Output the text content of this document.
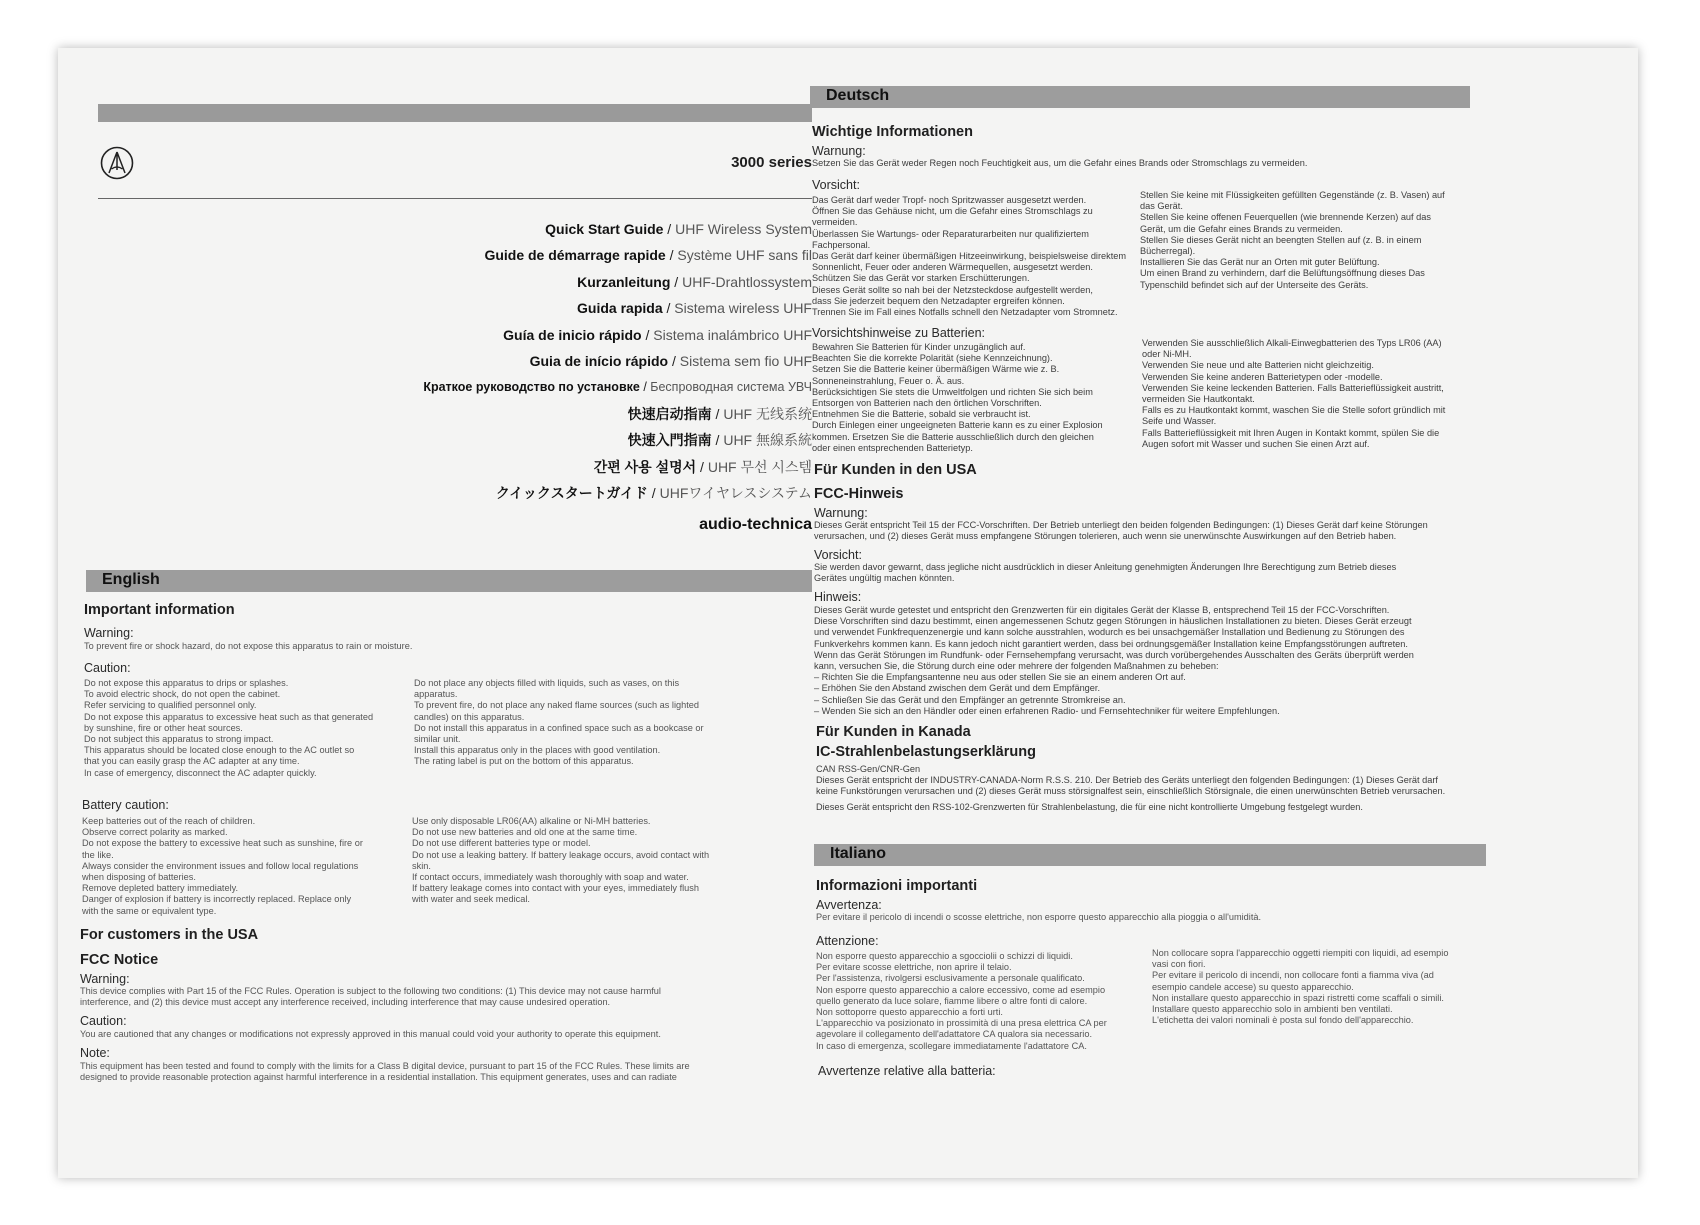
3000 series
Quick Start Guide / UHF Wireless System
Guide de démarrage rapide / Système UHF sans fil
Kurzanleitung / UHF-Drahtlossystem
Guida rapida / Sistema wireless UHF
Guía de inicio rápido / Sistema inalámbrico UHF
Guia de início rápido / Sistema sem fio UHF
Краткое руководство по установке / Беспроводная система УВЧ
快速启动指南 / UHF 无线系统
快速入門指南 / UHF 無線系統
간편 사용 설명서 / UHF 무선 시스템
クイックスタートガイド / UHFワイヤレスシステム
audio-technica
English
Important information
Warning:
To prevent fire or shock hazard, do not expose this apparatus to rain or moisture.
Caution:
Do not expose this apparatus to drips or splashes.
To avoid electric shock, do not open the cabinet.
Refer servicing to qualified personnel only.
Do not expose this apparatus to excessive heat such as that generated
by sunshine, fire or other heat sources.
Do not subject this apparatus to strong impact.
This apparatus should be located close enough to the AC outlet so
that you can easily grasp the AC adapter at any time.
In case of emergency, disconnect the AC adapter quickly.
Do not place any objects filled with liquids, such as vases, on this
apparatus.
To prevent fire, do not place any naked flame sources (such as lighted
candles) on this apparatus.
Do not install this apparatus in a confined space such as a bookcase or
similar unit.
Install this apparatus only in the places with good ventilation.
The rating label is put on the bottom of this apparatus.
Battery caution:
Keep batteries out of the reach of children.
Observe correct polarity as marked.
Do not expose the battery to excessive heat such as sunshine, fire or
the like.
Always consider the environment issues and follow local regulations
when disposing of batteries.
Remove depleted battery immediately.
Danger of explosion if battery is incorrectly replaced. Replace only
with the same or equivalent type.
Use only disposable LR06(AA) alkaline or Ni-MH batteries.
Do not use new batteries and old one at the same time.
Do not use different batteries type or model.
Do not use a leaking battery. If battery leakage occurs, avoid contact with
skin.
If contact occurs, immediately wash thoroughly with soap and water.
If battery leakage comes into contact with your eyes, immediately flush
with water and seek medical.
For customers in the USA
FCC Notice
Warning:
This device complies with Part 15 of the FCC Rules. Operation is subject to the following two conditions: (1) This device may not cause harmful
interference, and (2) this device must accept any interference received, including interference that may cause undesired operation.
Caution:
You are cautioned that any changes or modifications not expressly approved in this manual could void your authority to operate this equipment.
Note:
This equipment has been tested and found to comply with the limits for a Class B digital device, pursuant to part 15 of the FCC Rules. These limits are
designed to provide reasonable protection against harmful interference in a residential installation. This equipment generates, uses and can radiate
Deutsch
Wichtige Informationen
Warnung:
Setzen Sie das Gerät weder Regen noch Feuchtigkeit aus, um die Gefahr eines Brands oder Stromschlags zu vermeiden.
Vorsicht:
Das Gerät darf weder Tropf- noch Spritzwasser ausgesetzt werden.
Öffnen Sie das Gehäuse nicht, um die Gefahr eines Stromschlags zu
vermeiden.
Überlassen Sie Wartungs- oder Reparaturarbeiten nur qualifiziertem
Fachpersonal.
Das Gerät darf keiner übermäßigen Hitzeeinwirkung, beispielsweise direktem
Sonnenlicht, Feuer oder anderen Wärmequellen, ausgesetzt werden.
Schützen Sie das Gerät vor starken Erschütterungen.
Dieses Gerät sollte so nah bei der Netzsteckdose aufgestellt werden,
dass Sie jederzeit bequem den Netzadapter ergreifen können.
Trennen Sie im Fall eines Notfalls schnell den Netzadapter vom Stromnetz.
Stellen Sie keine mit Flüssigkeiten gefüllten Gegenstände (z. B. Vasen) auf
das Gerät.
Stellen Sie keine offenen Feuerquellen (wie brennende Kerzen) auf das
Gerät, um die Gefahr eines Brands zu vermeiden.
Stellen Sie dieses Gerät nicht an beengten Stellen auf (z. B. in einem
Bücherregal).
Installieren Sie das Gerät nur an Orten mit guter Belüftung.
Um einen Brand zu verhindern, darf die Belüftungsöffnung dieses Das
Typenschild befindet sich auf der Unterseite des Geräts.
Vorsichtshinweise zu Batterien:
Bewahren Sie Batterien für Kinder unzugänglich auf.
Beachten Sie die korrekte Polarität (siehe Kennzeichnung).
Setzen Sie die Batterie keiner übermäßigen Wärme wie z. B.
Sonneneinstrahlung, Feuer o. Ä. aus.
Berücksichtigen Sie stets die Umweltfolgen und richten Sie sich beim
Entsorgen von Batterien nach den örtlichen Vorschriften.
Entnehmen Sie die Batterie, sobald sie verbraucht ist.
Durch Einlegen einer ungeeigneten Batterie kann es zu einer Explosion
kommen. Ersetzen Sie die Batterie ausschließlich durch den gleichen
oder einen entsprechenden Batterietyp.
Verwenden Sie ausschließlich Alkali-Einwegbatterien des Typs LR06 (AA)
oder Ni-MH.
Verwenden Sie neue und alte Batterien nicht gleichzeitig.
Verwenden Sie keine anderen Batterietypen oder -modelle.
Verwenden Sie keine leckenden Batterien. Falls Batterieflüssigkeit austritt,
vermeiden Sie Hautkontakt.
Falls es zu Hautkontakt kommt, waschen Sie die Stelle sofort gründlich mit
Seife und Wasser.
Falls Batterieflüssigkeit mit Ihren Augen in Kontakt kommt, spülen Sie die
Augen sofort mit Wasser und suchen Sie einen Arzt auf.
Für Kunden in den USA
FCC-Hinweis
Warnung:
Dieses Gerät entspricht Teil 15 der FCC-Vorschriften. Der Betrieb unterliegt den beiden folgenden Bedingungen: (1) Dieses Gerät darf keine Störungen
verursachen, und (2) dieses Gerät muss empfangene Störungen tolerieren, auch wenn sie unerwünschte Auswirkungen auf den Betrieb haben.
Vorsicht:
Sie werden davor gewarnt, dass jegliche nicht ausdrücklich in dieser Anleitung genehmigten Änderungen Ihre Berechtigung zum Betrieb dieses
Gerätes ungültig machen könnten.
Hinweis:
Dieses Gerät wurde getestet und entspricht den Grenzwerten für ein digitales Gerät der Klasse B, entsprechend Teil 15 der FCC-Vorschriften.
Diese Vorschriften sind dazu bestimmt, einen angemessenen Schutz gegen Störungen in häuslichen Installationen zu bieten. Dieses Gerät erzeugt
und verwendet Funkfrequenzenergie und kann solche ausstrahlen, wodurch es bei unsachgemäßer Installation und Bedienung zu Störungen des
Funkverkehrs kommen kann. Es kann jedoch nicht garantiert werden, dass bei ordnungsgemäßer Installation keine Empfangsstörungen auftreten.
Wenn das Gerät Störungen im Rundfunk- oder Fernsehempfang verursacht, was durch vorübergehendes Ausschalten des Geräts überprüft werden
kann, versuchen Sie, die Störung durch eine oder mehrere der folgenden Maßnahmen zu beheben:
– Richten Sie die Empfangsantenne neu aus oder stellen Sie sie an einem anderen Ort auf.
– Erhöhen Sie den Abstand zwischen dem Gerät und dem Empfänger.
– Schließen Sie das Gerät und den Empfänger an getrennte Stromkreise an.
– Wenden Sie sich an den Händler oder einen erfahrenen Radio- und Fernsehtechniker für weitere Empfehlungen.
Für Kunden in Kanada
IC-Strahlenbelastungserklärung
CAN RSS-Gen/CNR-Gen
Dieses Gerät entspricht der INDUSTRY-CANADA-Norm R.S.S. 210. Der Betrieb des Geräts unterliegt den folgenden Bedingungen: (1) Dieses Gerät darf
keine Funkstörungen verursachen und (2) dieses Gerät muss störsignalfest sein, einschließlich Störsignale, die einen unerwünschten Betrieb verursachen.
Dieses Gerät entspricht den RSS-102-Grenzwerten für Strahlenbelastung, die für eine nicht kontrollierte Umgebung festgelegt wurden.
Italiano
Informazioni importanti
Avvertenza:
Per evitare il pericolo di incendi o scosse elettriche, non esporre questo apparecchio alla pioggia o all'umidità.
Attenzione:
Non esporre questo apparecchio a sgocciolii o schizzi di liquidi.
Per evitare scosse elettriche, non aprire il telaio.
Per l'assistenza, rivolgersi esclusivamente a personale qualificato.
Non esporre questo apparecchio a calore eccessivo, come ad esempio
quello generato da luce solare, fiamme libere o altre fonti di calore.
Non sottoporre questo apparecchio a forti urti.
L'apparecchio va posizionato in prossimità di una presa elettrica CA per
agevolare il collegamento dell'adattatore CA qualora sia necessario.
In caso di emergenza, scollegare immediatamente l'adattatore CA.
Non collocare sopra l'apparecchio oggetti riempiti con liquidi, ad esempio
vasi con fiori.
Per evitare il pericolo di incendi, non collocare fonti a fiamma viva (ad
esempio candele accese) su questo apparecchio.
Non installare questo apparecchio in spazi ristretti come scaffali o simili.
Installare questo apparecchio solo in ambienti ben ventilati.
L'etichetta dei valori nominali è posta sul fondo dell'apparecchio.
Avvertenze relative alla batteria:
